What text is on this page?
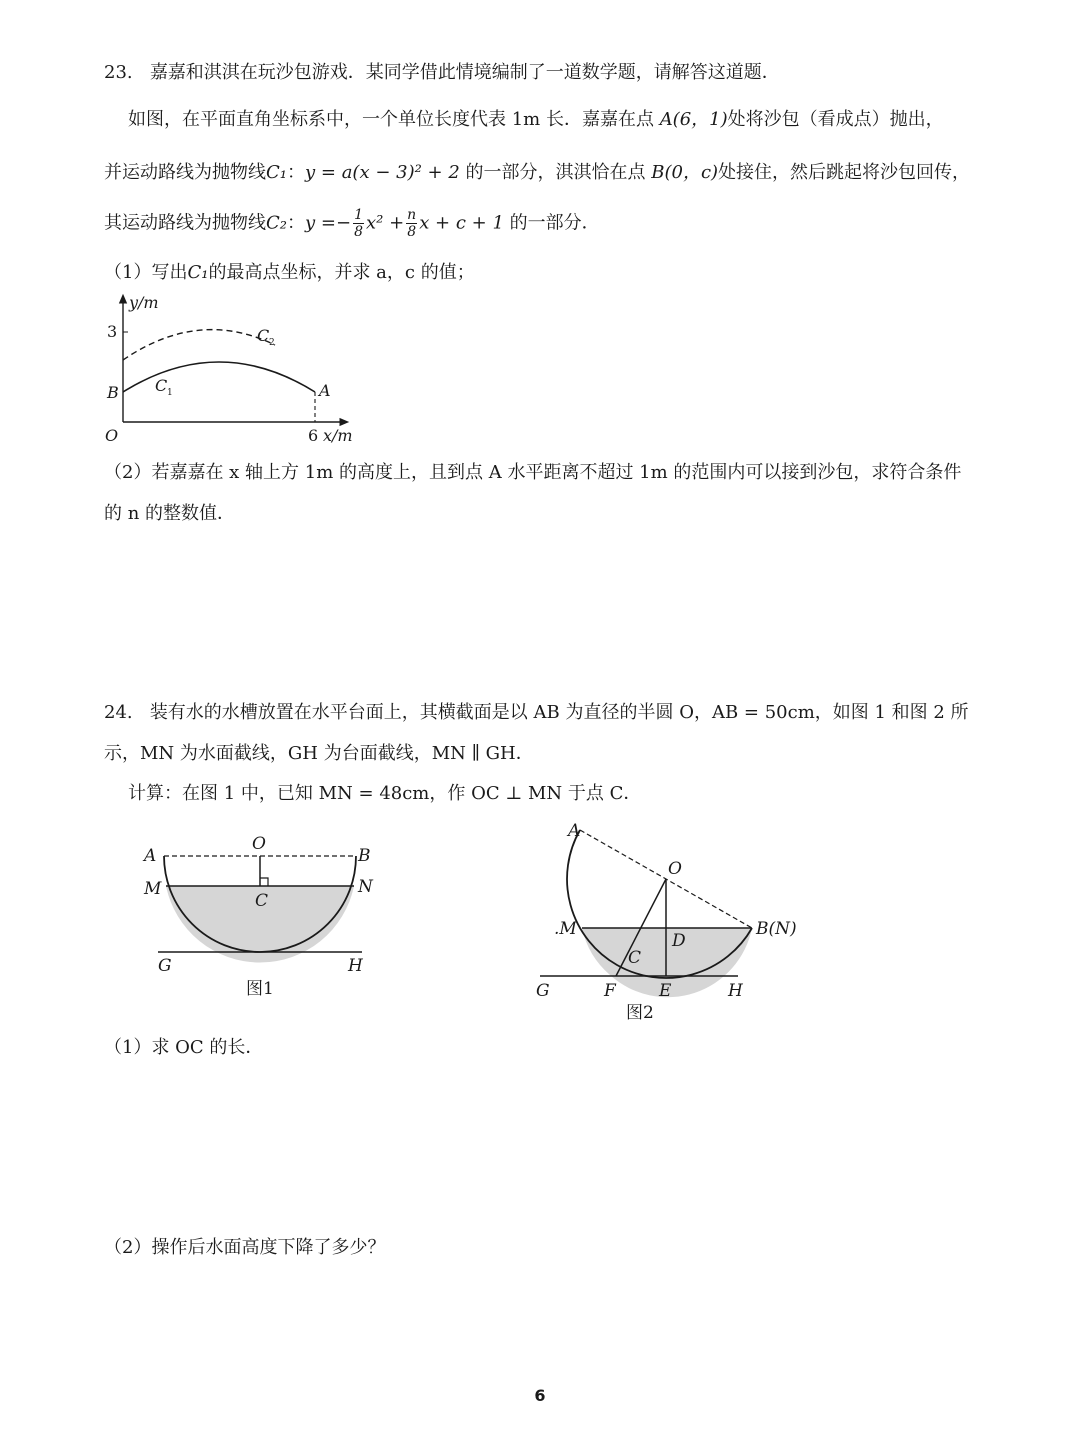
23. 嘉嘉和淇淇在玩沙包游戏．某同学借此情境编制了一道数学题，请解答这道题．
如图，在平面直角坐标系中，一个单位长度代表 1m 长．嘉嘉在点 A(6，1)处将沙包（看成点）抛出，
并运动路线为抛物线C₁：y = a(x − 3)² + 2 的一部分，淇淇恰在点 B(0，c)处接住，然后跳起将沙包回传，
其运动路线为抛物线C₂：$y =- \frac{1}{8} x^2 + \frac{n}{8}$ x + c + 1 的一部分．
（1）写出C₁的最高点坐标，并求 a，c 的值；
y/m
3
B	A
O	6 x/m
C 1
C 2
（2）若嘉嘉在 x 轴上方 1m 的高度上，且到点 A 水平距离不超过 1m 的范围内可以接到沙包，求符合条件
的 n 的整数值．
24. 装有水的水槽放置在水平台面上，其横截面是以 AB 为直径的半圆 O，AB = 50cm，如图 1 和图 2 所
示，MN 为水面截线，GH 为台面截线，MN ∥ GH．
计算：在图 1 中，已知 MN = 48cm，作 OC ⊥ MN 于点 C．
A
O
B
M	N
C
G	H
图1
A
O
B(N)
.M
D
C
G	F	E	H
图2
（1）求 OC 的长．
（2）操作后水面高度下降了多少？
6
